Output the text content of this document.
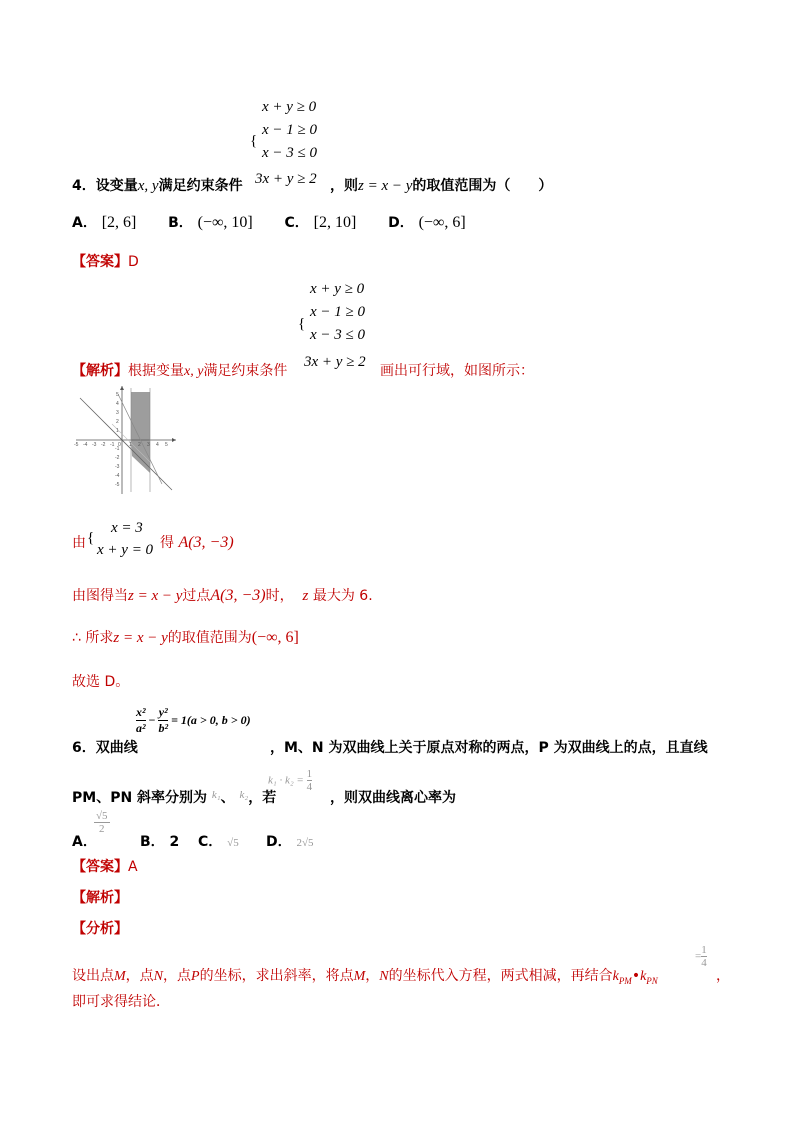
{
x + y ≥ 0
x − 1 ≥ 0
x − 3 ≤ 0
4．设变量x, y满足约束条件 3x + y ≥ 2 ，则z = x − y的取值范围为（　　）
A． [2, 6] B． (−∞, 10] C． [2, 10] D． (−∞, 6]
【答案】D
{
x + y ≥ 0
x − 1 ≥ 0
x − 3 ≤ 0
【解析】根据变量x, y满足约束条件
3x + y ≥ 2
画出可行域，如图所示：
5
4
3
2
1
-1
-2
-3
-4
-5
-5 -4 -3 -2 -1 0 1 2 3 4 5
由 {
x = 3
x + y = 0 得 A(3, −3)
由图得当z = x − y过点A(3, −3)时， z 最大为 6.
∴ 所求z = x − y的取值范围为(−∞, 6]
故选 D。
$\frac{\text{x²}}{\text{a²}} - \frac{\text{y²}}{\text{b²}} = 1(a > 0$, b > 0)
6．双曲线	，M、N 为双曲线上关于原点对称的两点，P 为双曲线上的点，且直线
PM、PN 斜率分别为 $^{k_1}$、 $^{k_2}$，若
$k_1 \cdot k_2 = \frac{1}{4}$
，则双曲线离心率为
A．
√5
2
B． 2 C． √5 D． 2√5
【答案】A
【解析】
【分析】
设出点M，点N，点P的坐标，求出斜率，将点M，N的坐标代入方程，两式相减，再结合$k_{PM}•k_{PN}$
= $\frac{1}{4}$
，
即可求得结论．
